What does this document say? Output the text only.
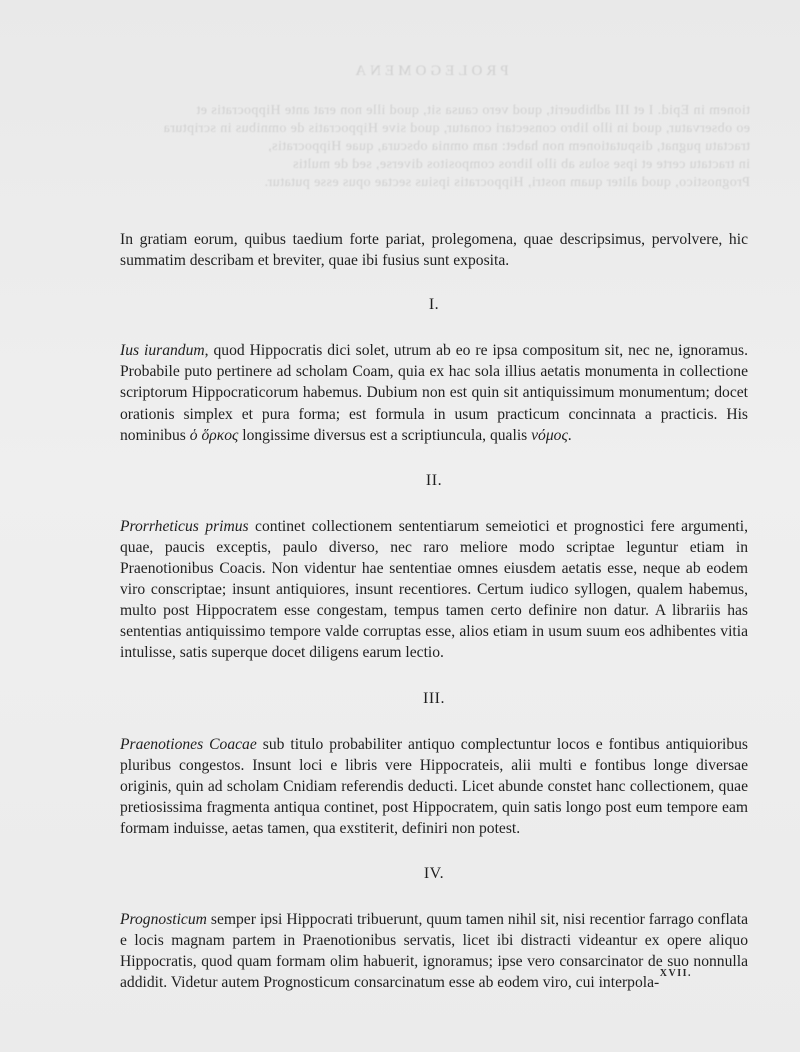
PROLEGOMENA
tionem in Epid. I et III adhibuerit, quod vero causa sit, quod ille non erat ante Hippocratis et
eo observatur, quod in illo libro consectari conatur, quod sive Hippocratis de omnibus in scriptura
tractatu pugnat, disputationem non habet: nam omnia obscura, quae Hippocratis,
in tractatu certe et ipse solus ab illo libros compositos diverse, sed de multis
Prognostico, quod aliter quam nostri, Hippocratis ipsius sectae opus esse putatur.

In gratiam eorum, quibus taedium forte pariat, prolegomena, quae descripsimus, pervolvere, hic summatim describam et breviter, quae ibi fusius sunt exposita.

I.

Ius iurandum, quod Hippocratis dici solet, utrum ab eo re ipsa compositum sit, nec ne, ignoramus. Probabile puto pertinere ad scholam Coam, quia ex hac sola illius aetatis monumenta in collectione scriptorum Hippocraticorum habemus. Dubium non est quin sit antiquissimum monumentum; docet orationis simplex et pura forma; est formula in usum practicum concinnata a practicis. His nominibus ὁ ὅρκος longissime diversus est a scriptiuncula, qualis νόμος.

II.

Prorrheticus primus continet collectionem sententiarum semeiotici et prognostici fere argumenti, quae, paucis exceptis, paulo diverso, nec raro meliore modo scriptae leguntur etiam in Praenotionibus Coacis. Non videntur hae sententiae omnes eiusdem aetatis esse, neque ab eodem viro conscriptae; insunt antiquiores, insunt recentiores. Certum iudico syllogen, qualem habemus, multo post Hippocratem esse congestam, tempus tamen certo definire non datur. A librariis has sententias antiquissimo tempore valde corruptas esse, alios etiam in usum suum eos adhibentes vitia intulisse, satis superque docet diligens earum lectio.

III.

Praenotiones Coacae sub titulo probabiliter antiquo complectuntur locos e fontibus antiquioribus pluribus congestos. Insunt loci e libris vere Hippocrateis, alii multi e fontibus longe diversae originis, quin ad scholam Cnidiam referendis deducti. Licet abunde constet hanc collectionem, quae pretiosissima fragmenta antiqua continet, post Hippocratem, quin satis longo post eum tempore eam formam induisse, aetas tamen, qua exstiterit, definiri non potest.

IV.

Prognosticum semper ipsi Hippocrati tribuerunt, quum tamen nihil sit, nisi recentior farrago conflata e locis magnam partem in Praenotionibus servatis, licet ibi distracti videantur ex opere aliquo Hippocratis, quod quam formam olim habuerit, ignoramus; ipse vero consarcinator de suo nonnulla addidit. Videtur autem Prognosticum consarcinatum esse ab eodem viro, cui interpola-

XVII.
